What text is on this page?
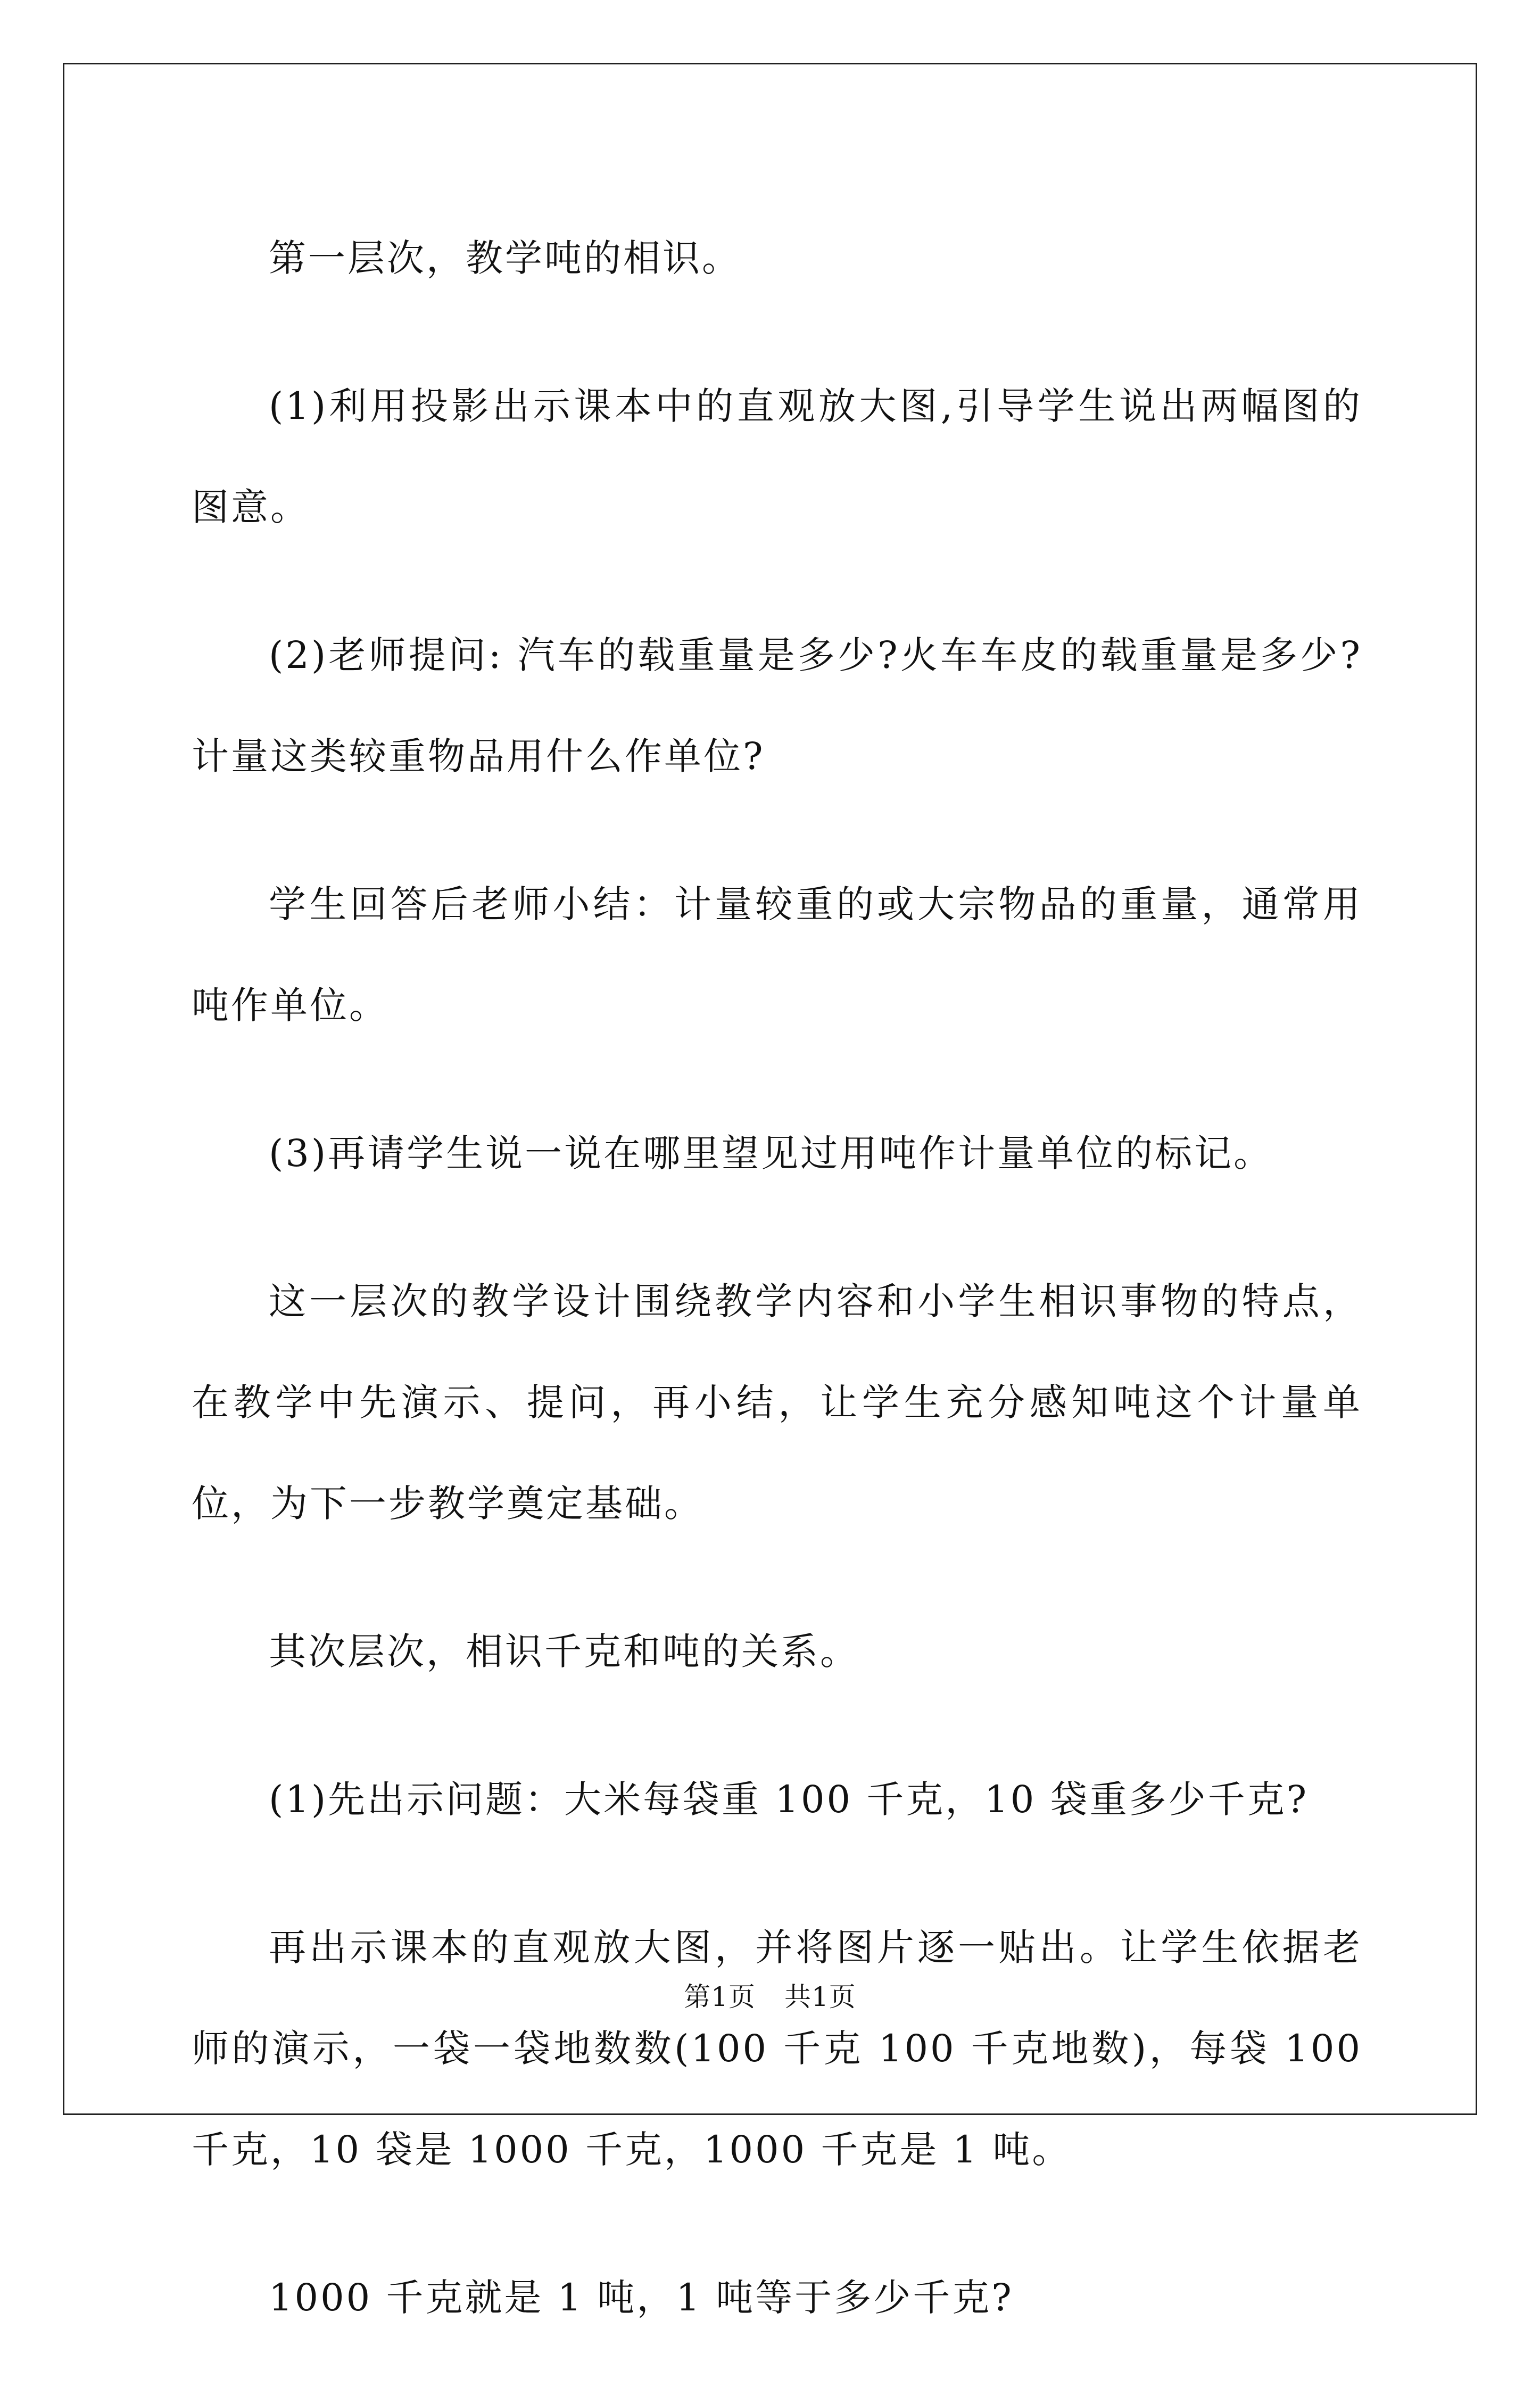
第一层次，教学吨的相识。

(1)利用投影出示课本中的直观放大图,引导学生说出两幅图的图意。

(2)老师提问: 汽车的载重量是多少?火车车皮的载重量是多少?计量这类较重物品用什么作单位?

学生回答后老师小结：计量较重的或大宗物品的重量，通常用吨作单位。

(3)再请学生说一说在哪里望见过用吨作计量单位的标记。

这一层次的教学设计围绕教学内容和小学生相识事物的特点，在教学中先演示、提问，再小结，让学生充分感知吨这个计量单位，为下一步教学奠定基础。

其次层次，相识千克和吨的关系。

(1)先出示问题：大米每袋重 100 千克，10 袋重多少千克?

再出示课本的直观放大图，并将图片逐一贴出。让学生依据老师的演示，一袋一袋地数数(100 千克 100 千克地数)，每袋 100 千克，10 袋是 1000 千克，1000 千克是 1 吨。

1000 千克就是 1 吨，1 吨等于多少千克?

第1页 共1页
